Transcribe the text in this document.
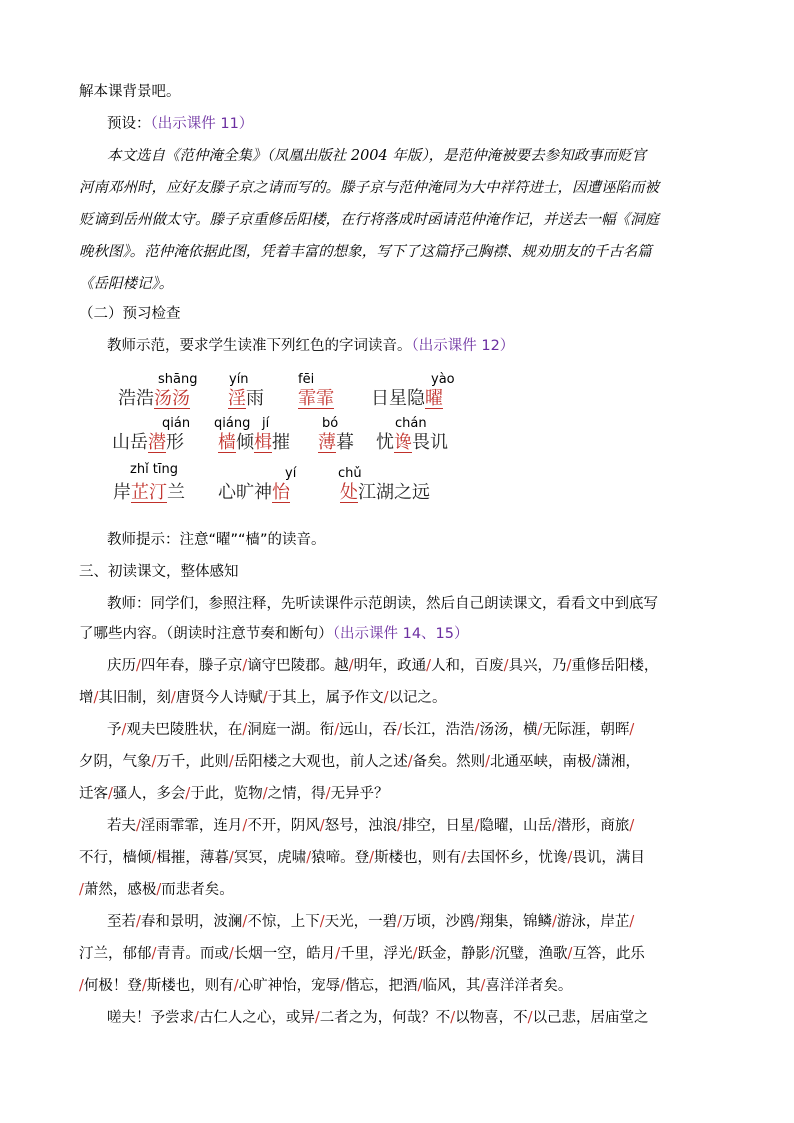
解本课背景吧。
预设：（出示课件 11）
本文选自《范仲淹全集》（凤凰出版社 2004 年版），是范仲淹被要去参知政事而贬官
河南邓州时，应好友滕子京之请而写的。滕子京与范仲淹同为大中祥符进士，因遭诬陷而被
贬谪到岳州做太守。滕子京重修岳阳楼，在行将落成时函请范仲淹作记，并送去一幅《洞庭
晚秋图》。范仲淹依据此图，凭着丰富的想象，写下了这篇抒己胸襟、规劝朋友的千古名篇
《岳阳楼记》。
（二）预习检查
教师示范，要求学生读准下列红色的字词读音。（出示课件 12）
shāng yín	fēi	yào
浩浩汤汤 淫雨 霏霏 日星隐曜
qián qiáng jí	bó	chán
山岳潜形 樯倾楫摧 薄暮 忧谗畏讥
zhǐ tīng	yí	chǔ
岸芷汀兰 心旷神怡	处江湖之远
教师提示：注意“曜”“樯”的读音。
三、初读课文，整体感知
教师：同学们，参照注释，先听读课件示范朗读，然后自己朗读课文，看看文中到底写
了哪些内容。（朗读时注意节奏和断句）（出示课件 14、15）
庆历/四年春，滕子京/谪守巴陵郡。越/明年，政通/人和，百废/具兴，乃/重修岳阳楼，
增/其旧制，刻/唐贤今人诗赋/于其上，属予作文/以记之。
予/观夫巴陵胜状，在/洞庭一湖。衔/远山，吞/长江，浩浩/汤汤，横/无际涯，朝晖/
夕阴，气象/万千，此则/岳阳楼之大观也，前人之述/备矣。然则/北通巫峡，南极/潇湘，
迁客/骚人，多会/于此，览物/之情，得/无异乎？
若夫/淫雨霏霏，连月/不开，阴风/怒号，浊浪/排空，日星/隐曜，山岳/潜形，商旅/
不行，樯倾/楫摧，薄暮/冥冥，虎啸/猿啼。登/斯楼也，则有/去国怀乡，忧谗/畏讥，满目
/萧然，感极/而悲者矣。
至若/春和景明，波澜/不惊，上下/天光，一碧/万顷，沙鸥/翔集，锦鳞/游泳，岸芷/
汀兰，郁郁/青青。而或/长烟一空，皓月/千里，浮光/跃金，静影/沉璧，渔歌/互答，此乐
/何极！登/斯楼也，则有/心旷神怡，宠辱/偕忘，把酒/临风，其/喜洋洋者矣。
嗟夫！予尝求/古仁人之心，或异/二者之为，何哉？不/以物喜，不/以己悲，居庙堂之
